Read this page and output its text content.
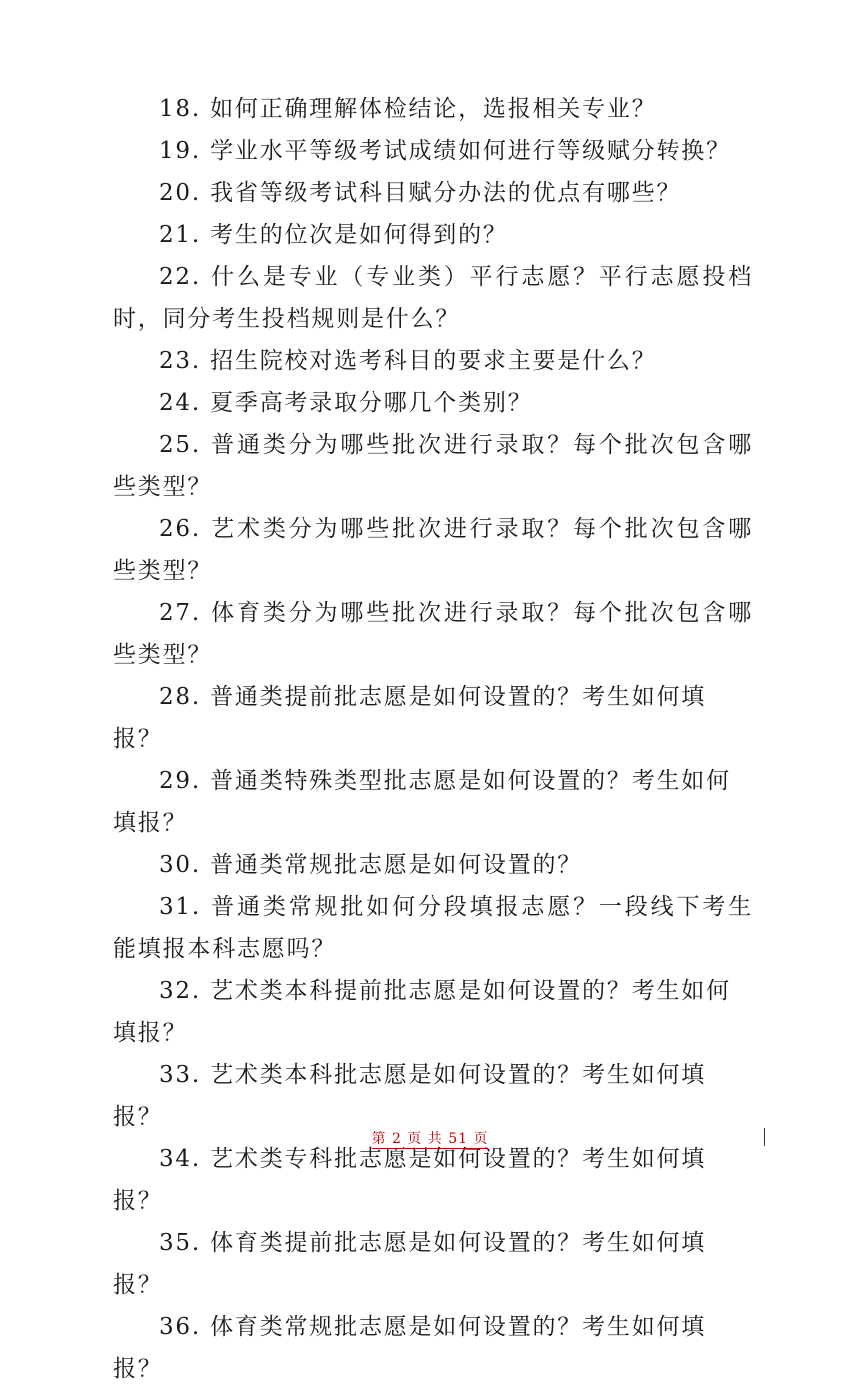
18. 如何正确理解体检结论，选报相关专业？

19. 学业水平等级考试成绩如何进行等级赋分转换？

20. 我省等级考试科目赋分办法的优点有哪些？

21. 考生的位次是如何得到的？

22. 什么是专业（专业类）平行志愿？平行志愿投档时，同分考生投档规则是什么？

23. 招生院校对选考科目的要求主要是什么？

24. 夏季高考录取分哪几个类别？

25. 普通类分为哪些批次进行录取？每个批次包含哪些类型？

26. 艺术类分为哪些批次进行录取？每个批次包含哪些类型？

27. 体育类分为哪些批次进行录取？每个批次包含哪些类型？

28. 普通类提前批志愿是如何设置的？考生如何填报？

29. 普通类特殊类型批志愿是如何设置的？考生如何填报？

30. 普通类常规批志愿是如何设置的？

31. 普通类常规批如何分段填报志愿？一段线下考生能填报本科志愿吗？

32. 艺术类本科提前批志愿是如何设置的？考生如何填报？

33. 艺术类本科批志愿是如何设置的？考生如何填报？

34. 艺术类专科批志愿是如何设置的？考生如何填报？

35. 体育类提前批志愿是如何设置的？考生如何填报？

36. 体育类常规批志愿是如何设置的？考生如何填报？

第 2 页 共 51 页
